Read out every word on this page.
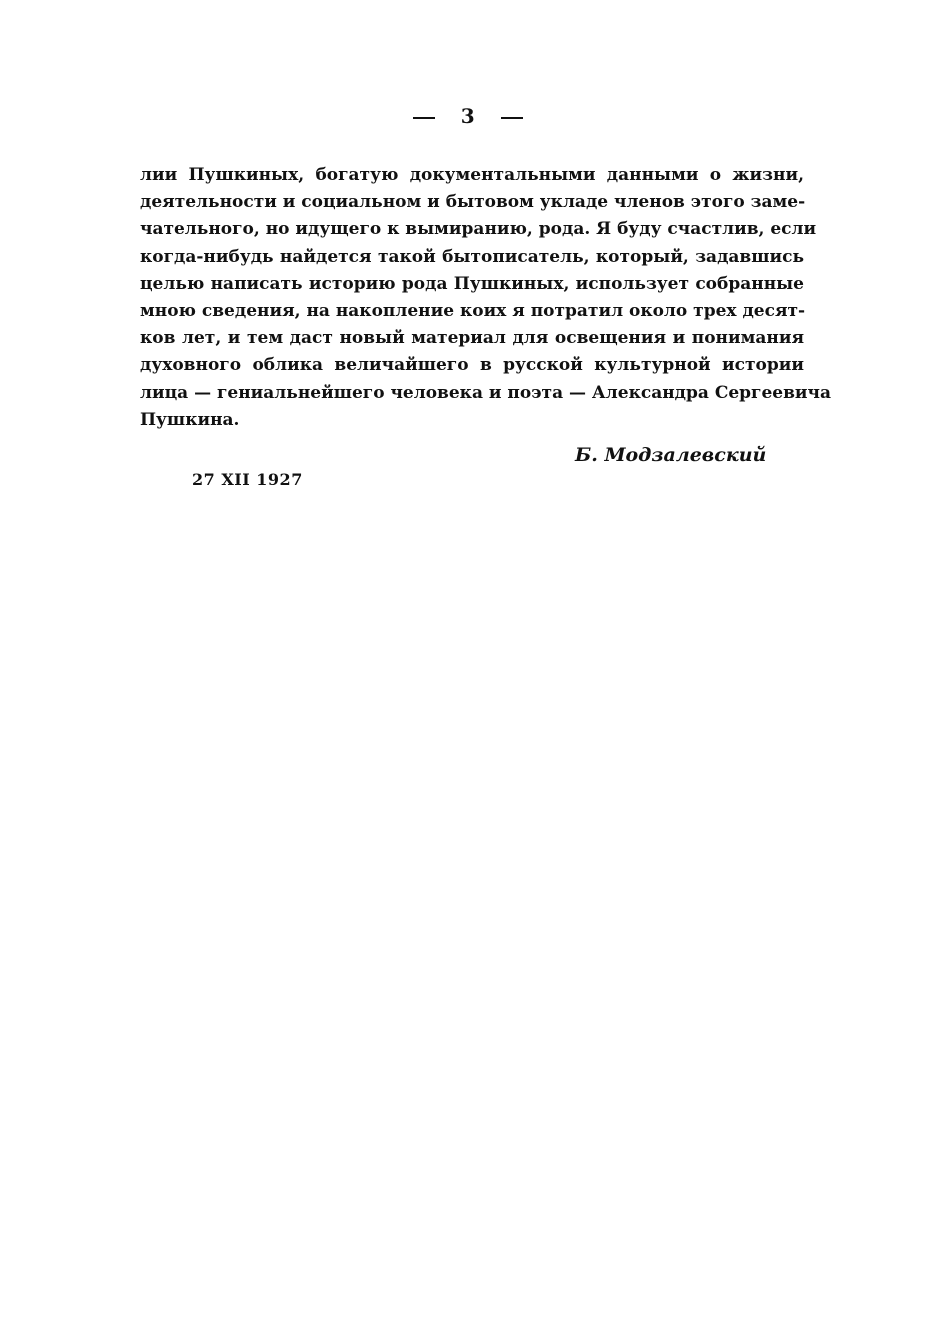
3
лии Пушкиных, богатую документальными данными о жизни,
деятельности и социальном и бытовом укладе членов этого заме-
чательного, но идущего к вымиранию, рода. Я буду счастлив, если
когда-нибудь найдется такой бытописатель, который, задавшись
целью написать историю рода Пушкиных, использует собранные
мною сведения, на накопление коих я потратил около трех десят-
ков лет, и тем даст новый материал для освещения и понимания
духовного облика величайшего в русской культурной истории
лица — гениальнейшего человека и поэта — Александра Сергеевича
Пушкина.
Б. Модзалевский
27 XII 1927
